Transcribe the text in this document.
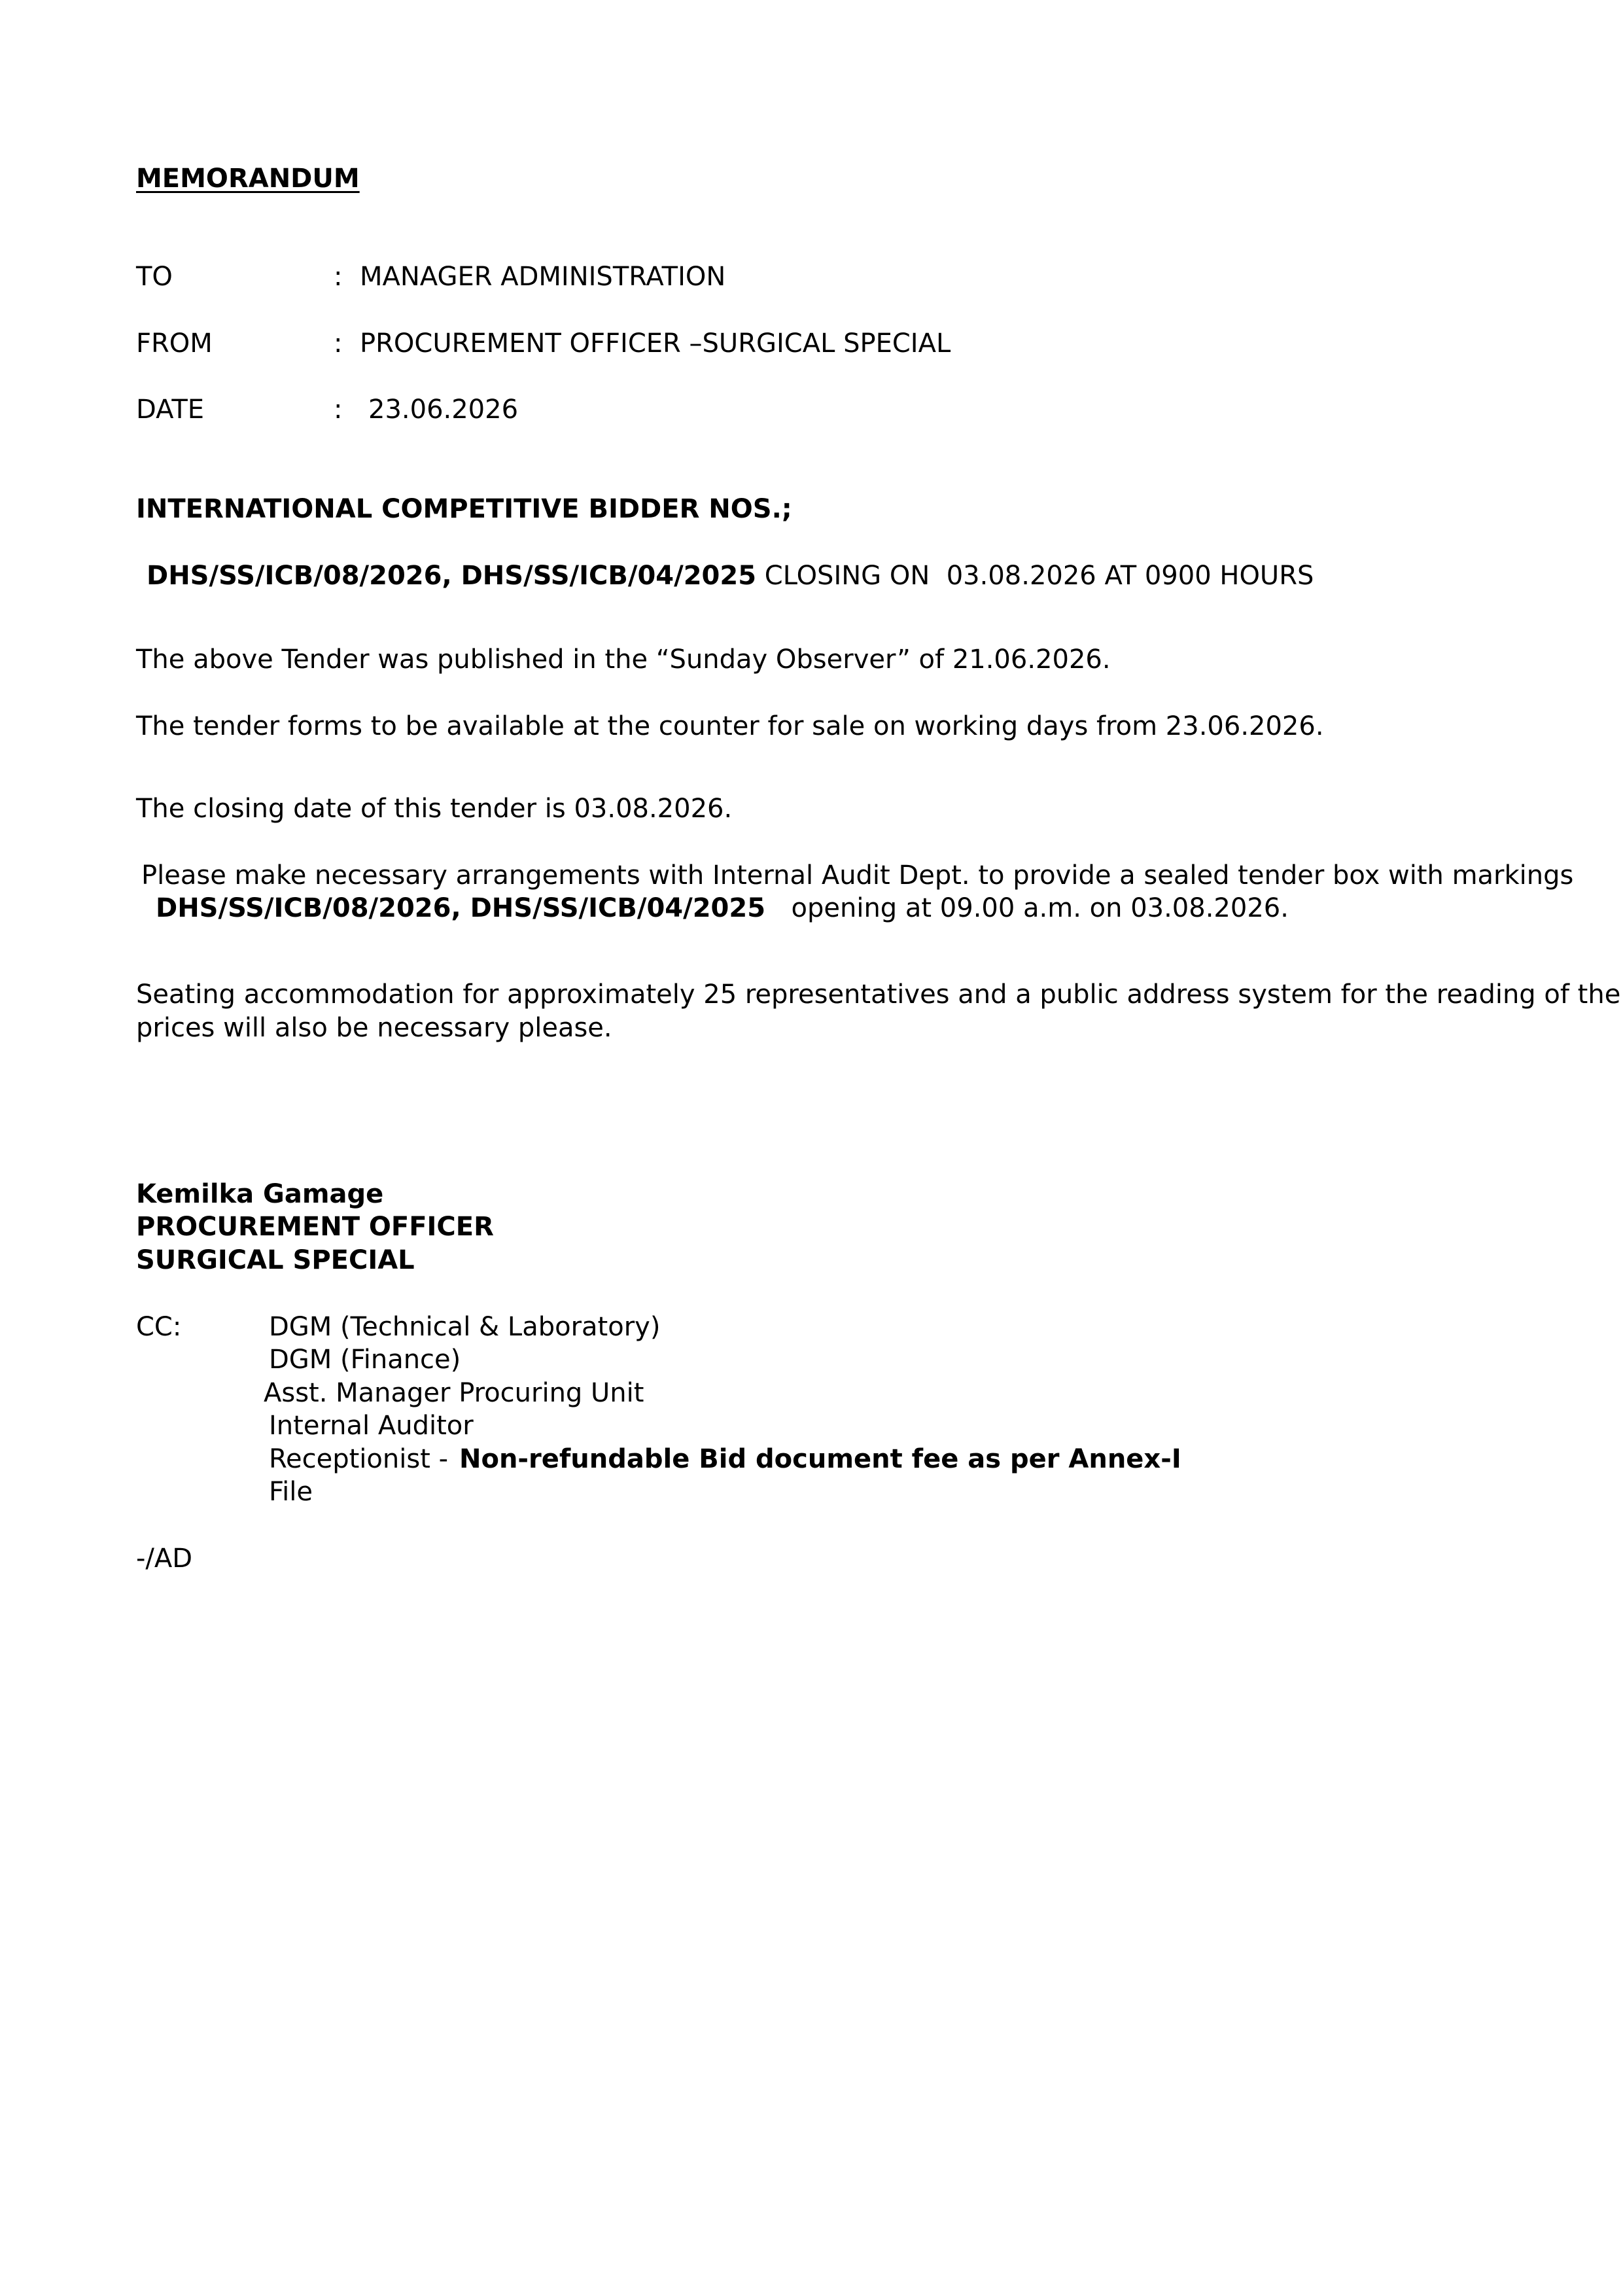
MEMORANDUM
TO	: MANAGER ADMINISTRATION
FROM	: PROCUREMENT OFFICER –SURGICAL SPECIAL
DATE	: 23.06.2026
INTERNATIONAL COMPETITIVE BIDDER NOS.;
DHS/SS/ICB/08/2026, DHS/SS/ICB/04/2025 CLOSING ON  03.08.2026 AT 0900 HOURS
The above Tender was published in the “Sunday Observer” of 21.06.2026.
The tender forms to be available at the counter for sale on working days from 23.06.2026.
The closing date of this tender is 03.08.2026.
Please make necessary arrangements with Internal Audit Dept. to provide a sealed tender box with markings
DHS/SS/ICB/08/2026, DHS/SS/ICB/04/2025 opening at 09.00 a.m. on 03.08.2026.
Seating accommodation for approximately 25 representatives and a public address system for the reading of the
prices will also be necessary please.
Kemilka Gamage
PROCUREMENT OFFICER
SURGICAL SPECIAL
CC:	DGM (Technical & Laboratory)
DGM (Finance)
Asst. Manager Procuring Unit
Internal Auditor
Receptionist - Non-refundable Bid document fee as per Annex-I
File
-/AD
